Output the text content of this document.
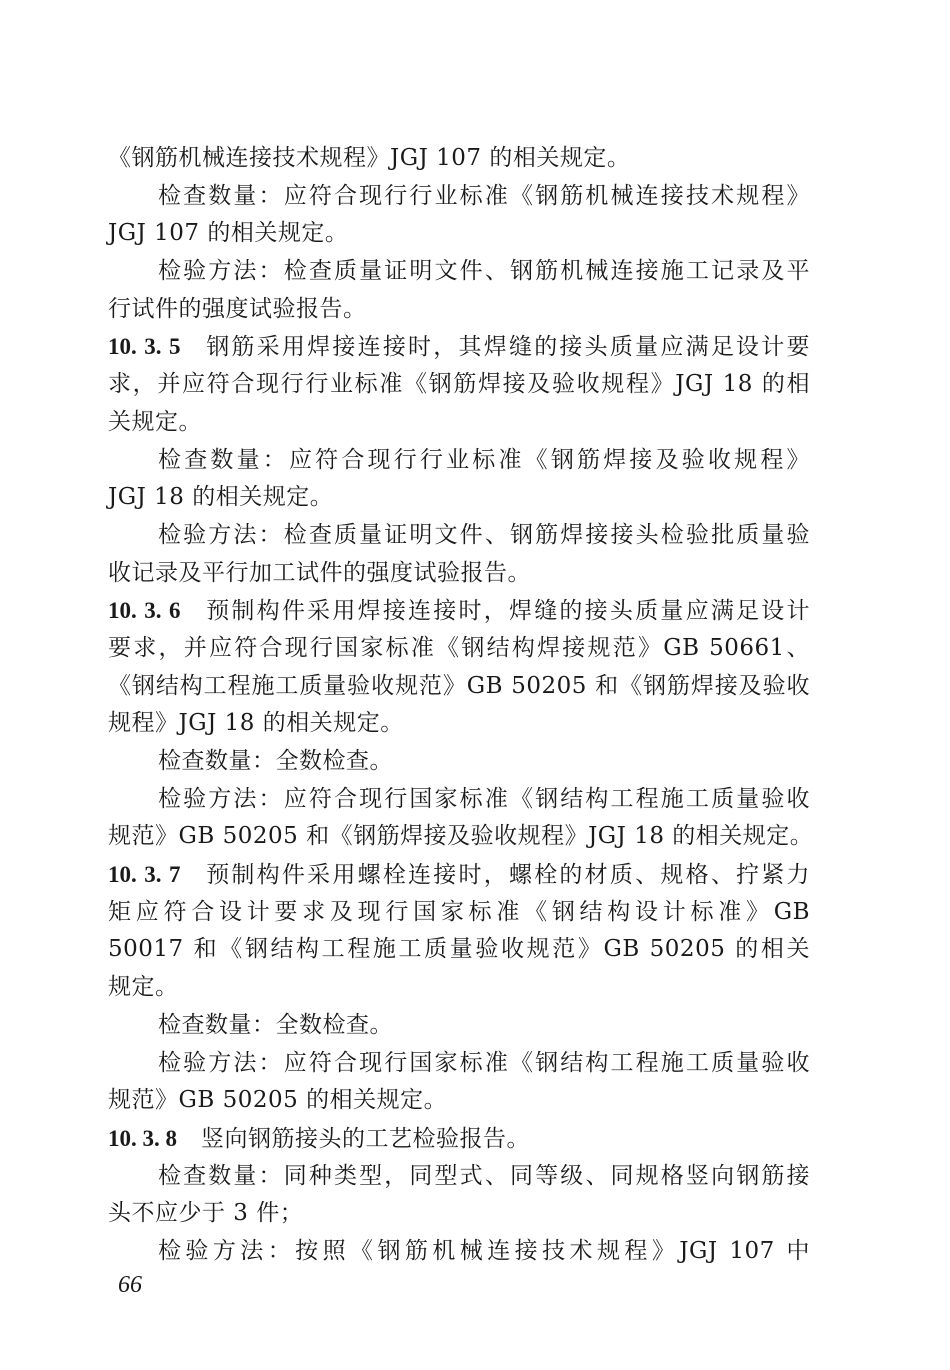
《钢筋机械连接技术规程》JGJ 107 的相关规定。
检查数量：应符合现行行业标准《钢筋机械连接技术规程》
JGJ 107 的相关规定。
检验方法：检查质量证明文件、钢筋机械连接施工记录及平
行试件的强度试验报告。
10. 3. 5 钢筋采用焊接连接时，其焊缝的接头质量应满足设计要
求，并应符合现行行业标准《钢筋焊接及验收规程》JGJ 18 的相
关规定。
检查数量：应符合现行行业标准《钢筋焊接及验收规程》
JGJ 18 的相关规定。
检验方法：检查质量证明文件、钢筋焊接接头检验批质量验
收记录及平行加工试件的强度试验报告。
10. 3. 6 预制构件采用焊接连接时，焊缝的接头质量应满足设计
要求，并应符合现行国家标准《钢结构焊接规范》GB 50661、
《钢结构工程施工质量验收规范》GB 50205 和《钢筋焊接及验收
规程》JGJ 18 的相关规定。
检查数量：全数检查。
检验方法：应符合现行国家标准《钢结构工程施工质量验收
规范》GB 50205 和《钢筋焊接及验收规程》JGJ 18 的相关规定。
10. 3. 7 预制构件采用螺栓连接时，螺栓的材质、规格、拧紧力
矩应符合设计要求及现行国家标准《钢结构设计标准》GB
50017 和《钢结构工程施工质量验收规范》GB 50205 的相关
规定。
检查数量：全数检查。
检验方法：应符合现行国家标准《钢结构工程施工质量验收
规范》GB 50205 的相关规定。
10. 3. 8 竖向钢筋接头的工艺检验报告。
检查数量：同种类型，同型式、同等级、同规格竖向钢筋接
头不应少于 3 件；
检验方法：按照《钢筋机械连接技术规程》JGJ 107 中
66
